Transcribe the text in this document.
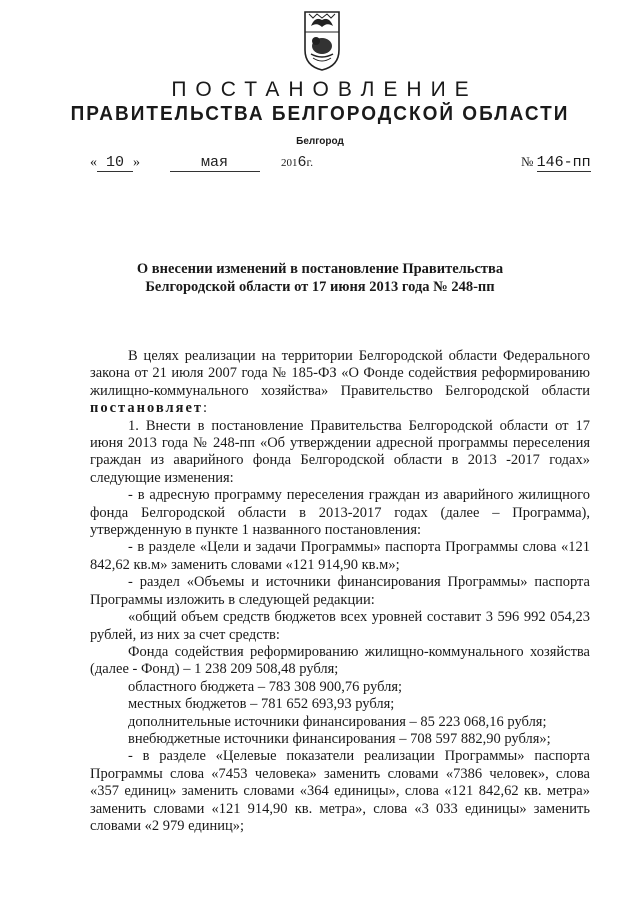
ПОСТАНОВЛЕНИЕ
ПРАВИТЕЛЬСТВА БЕЛГОРОДСКОЙ ОБЛАСТИ
Белгород
« 10 »	мая	2016г.	№ 146-пп
О внесении изменений в постановление Правительства
Белгородской области от 17 июня 2013 года № 248-пп

В целях реализации на территории Белгородской области Федерального закона от 21 июля 2007 года № 185-ФЗ «О Фонде содействия реформированию жилищно-коммунального хозяйства» Правительство Белгородской области постановляет:

1. Внести в постановление Правительства Белгородской области от 17 июня 2013 года № 248-пп «Об утверждении адресной программы переселения граждан из аварийного фонда Белгородской области в 2013 -2017 годах» следующие изменения:

- в адресную программу переселения граждан из аварийного жилищного фонда Белгородской области в 2013-2017 годах (далее – Программа), утвержденную в пункте 1 названного постановления:

- в разделе «Цели и задачи Программы» паспорта Программы слова «121 842,62 кв.м» заменить словами «121 914,90 кв.м»;

- раздел «Объемы и источники финансирования Программы» паспорта Программы изложить в следующей редакции:

«общий объем средств бюджетов всех уровней составит 3 596 992 054,23 рублей, из них за счет средств:

Фонда содействия реформированию жилищно-коммунального хозяйства (далее - Фонд) – 1 238 209 508,48 рубля;

областного бюджета – 783 308 900,76 рубля;

местных бюджетов – 781 652 693,93 рубля;

дополнительные источники финансирования – 85 223 068,16 рубля;

внебюджетные источники финансирования – 708 597 882,90 рубля»;

- в разделе «Целевые показатели реализации Программы» паспорта Программы слова «7453 человека» заменить словами «7386 человек», слова «357 единиц» заменить словами «364 единицы», слова «121 842,62 кв. метра» заменить словами «121 914,90 кв. метра», слова «3 033 единицы» заменить словами «2 979 единиц»;
